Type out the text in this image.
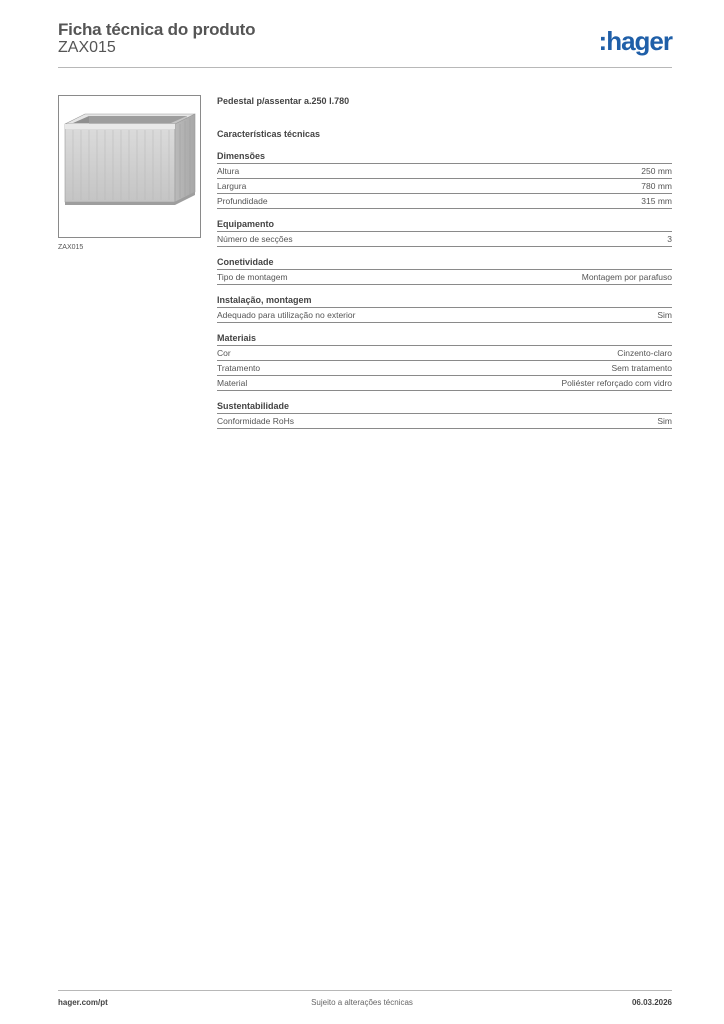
Ficha técnica do produto
ZAX015	:hager
ZAX015
Pedestal p/assentar a.250 l.780
Características técnicas
Dimensões
Altura	250 mm
Largura	780 mm
Profundidade	315 mm
Equipamento
Número de secções	3
Conetividade
Tipo de montagem	Montagem por parafuso
Instalação, montagem
Adequado para utilização no exterior	Sim
Materiais
Cor	Cinzento-claro
Tratamento	Sem tratamento
Material	Poliéster reforçado com vidro
Sustentabilidade
Conformidade RoHs	Sim
hager.com/pt	Sujeito a alterações técnicas	06.03.2026
